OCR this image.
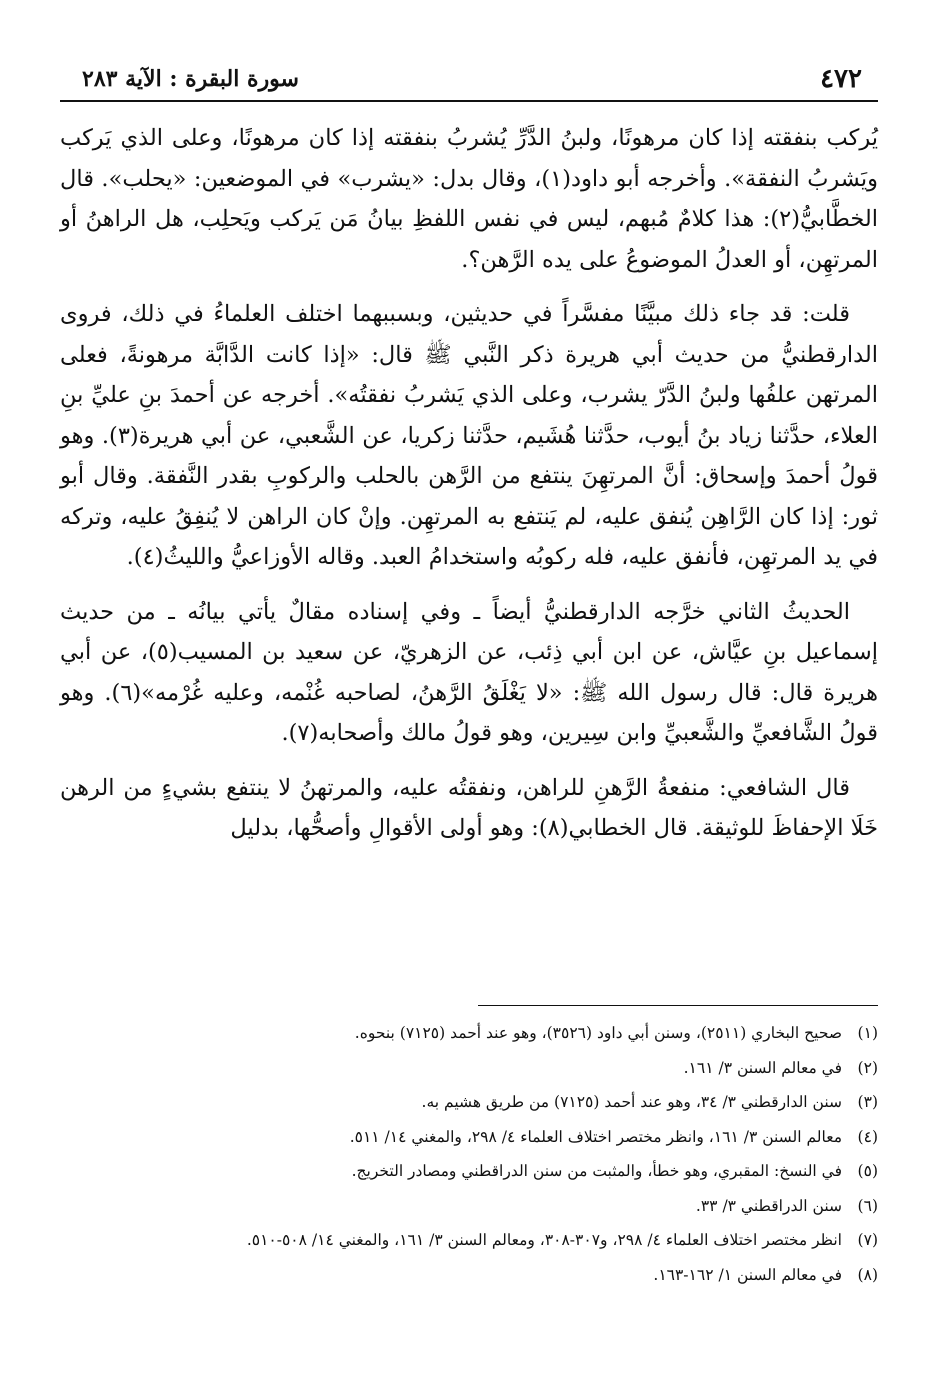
٤٧٢
سورة البقرة : الآية ٢٨٣

يُركب بنفقته إذا كان مرهونًا، ولبنُ الدَّرِّ يُشربُ بنفقته إذا كان مرهونًا، وعلى الذي يَركب ويَشربُ النفقة». وأخرجه أبو داود(١)، وقال بدل: «يشرب» في الموضعين: «يحلب». قال الخطَّابيُّ(٢): هذا كلامٌ مُبهم، ليس في نفس اللفظِ بيانُ مَن يَركب ويَحلِب، هل الراهنُ أو المرتهِن، أو العدلُ الموضوعُ على يده الرَّهن؟.

قلت: قد جاء ذلك مبيَّنًا مفسَّراً في حديثين، وبسببهما اختلف العلماءُ في ذلك، فروى الدارقطنيُّ من حديث أبي هريرة ذكر النَّبي ﷺ قال: «إذا كانت الدَّابَّة مرهونةً، فعلى المرتهن علفُها ولبنُ الدَّرّ يشرب، وعلى الذي يَشربُ نفقتُه». أخرجه عن أحمدَ بنِ عليِّ بنِ العلاء، حدَّثنا زياد بنُ أيوب، حدَّثنا هُشَيم، حدَّثنا زكريا، عن الشَّعبي، عن أبي هريرة(٣). وهو قولُ أحمدَ وإسحاق: أنَّ المرتهِنَ ينتفع من الرَّهن بالحلب والركوبِ بقدر النَّفقة. وقال أبو ثور: إذا كان الرَّاهِن يُنفق عليه، لم يَنتفع به المرتهِن. وإنْ كان الراهن لا يُنفِقُ عليه، وتركه في يد المرتهِن، فأنفق عليه، فله ركوبُه واستخدامُ العبد. وقاله الأوزاعيُّ والليثُ(٤).

الحديثُ الثاني خرَّجه الدارقطنيُّ أيضاً ـ وفي إسناده مقالٌ يأتي بيانُه ـ من حديث إسماعيل بنِ عيَّاش، عن ابن أبي ذِئب، عن الزهريّ، عن سعيد بن المسيب(٥)، عن أبي هريرة قال: قال رسول الله ﷺ: «لا يَغْلَقُ الرَّهنُ، لصاحبه غُنْمه، وعليه غُرْمه»(٦). وهو قولُ الشَّافعيِّ والشَّعبيِّ وابن سِيرين، وهو قولُ مالك وأصحابه(٧).

قال الشافعي: منفعةُ الرَّهنِ للراهن، ونفقتُه عليه، والمرتهنُ لا ينتفع بشيءٍ من الرهن خَلَا الإحفاظَ للوثيقة. قال الخطابي(٨): وهو أولى الأقوالِ وأصحُّها، بدليل

(١)صحيح البخاري (٢٥١١)، وسنن أبي داود (٣٥٢٦)، وهو عند أحمد (٧١٢٥) بنحوه.
(٢)في معالم السنن ٣/ ١٦١.
(٣)سنن الدارقطني ٣/ ٣٤، وهو عند أحمد (٧١٢٥) من طريق هشيم به.
(٤)معالم السنن ٣/ ١٦١، وانظر مختصر اختلاف العلماء ٤/ ٢٩٨، والمغني ١٤/ ٥١١.
(٥)في النسخ: المقبري، وهو خطأ، والمثبت من سنن الدراقطني ومصادر التخريج.
(٦)سنن الدراقطني ٣/ ٣٣.
(٧)انظر مختصر اختلاف العلماء ٤/ ٢٩٨، و٣٠٧-٣٠٨، ومعالم السنن ٣/ ١٦١، والمغني ١٤/ ٥٠٨-٥١٠.
(٨)في معالم السنن ١/ ١٦٢-١٦٣.
